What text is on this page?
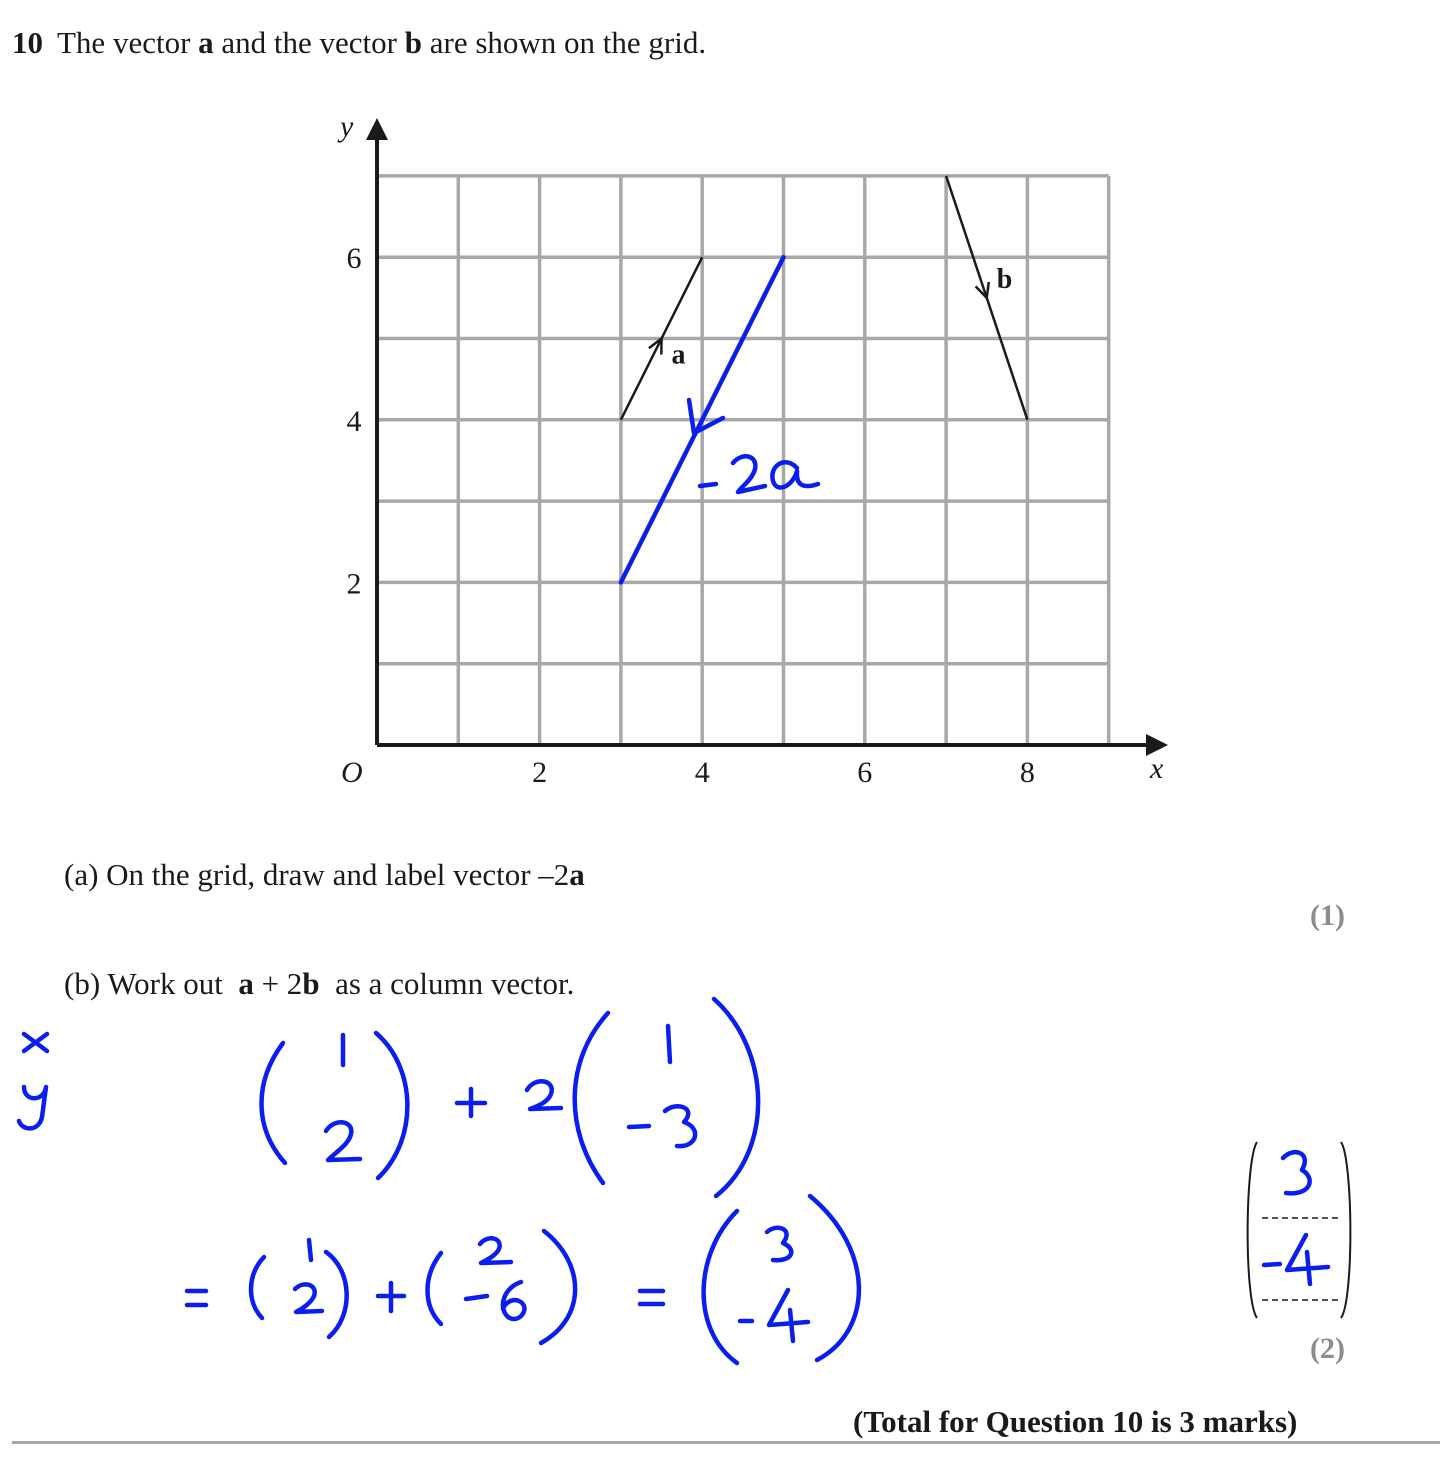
10 The vector a and the vector b are shown on the grid.
x
y
O	2	4	6	8
2
4
6
a
b
(a) On the grid, draw and label vector –2a
(1)
(b) Work out  a + 2b  as a column vector.
(2)
(Total for Question 10 is 3 marks)
